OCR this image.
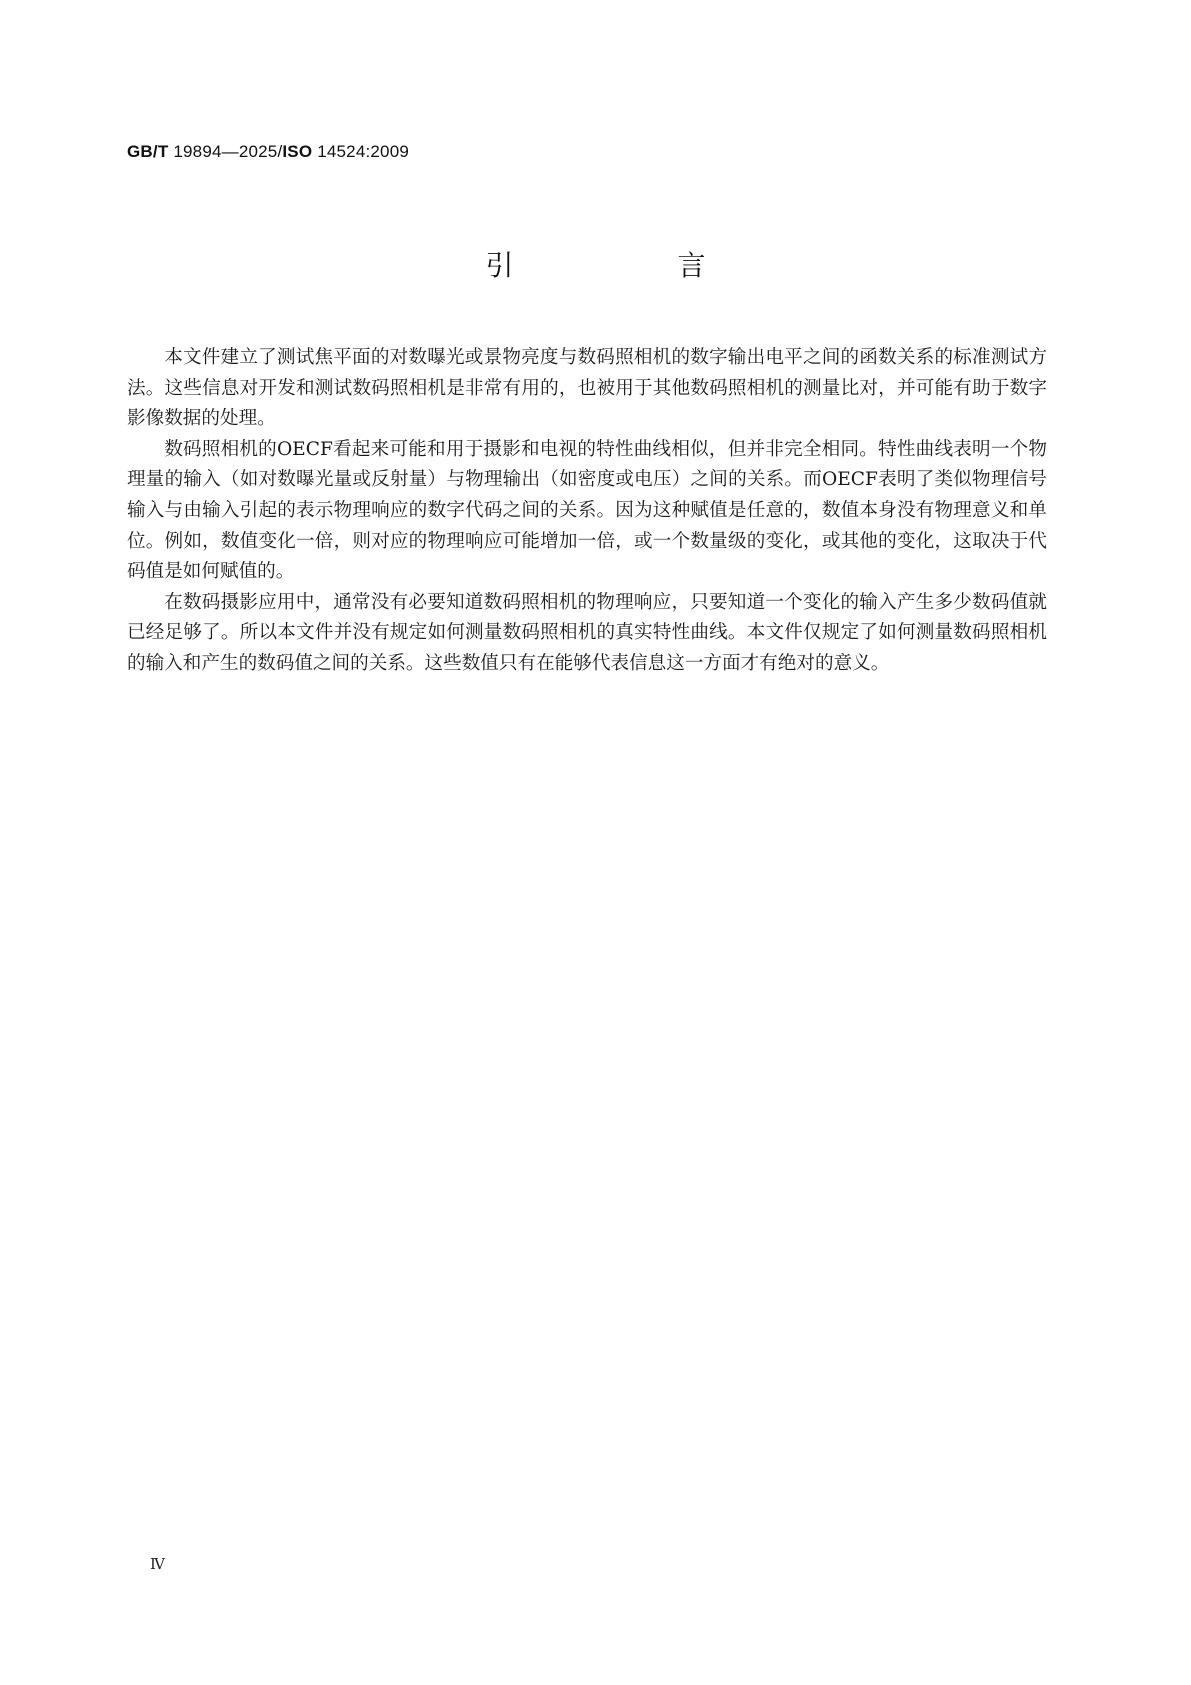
GB/T 19894—2025/ISO 14524:2009
引　言

本文件建立了测试焦平面的对数曝光或景物亮度与数码照相机的数字输出电平之间的函数关系的标准测试方法。这些信息对开发和测试数码照相机是非常有用的，也被用于其他数码照相机的测量比对，并可能有助于数字影像数据的处理。

数码照相机的OECF看起来可能和用于摄影和电视的特性曲线相似，但并非完全相同。特性曲线表明一个物理量的输入（如对数曝光量或反射量）与物理输出（如密度或电压）之间的关系。而OECF表明了类似物理信号输入与由输入引起的表示物理响应的数字代码之间的关系。因为这种赋值是任意的，数值本身没有物理意义和单位。例如，数值变化一倍，则对应的物理响应可能增加一倍，或一个数量级的变化，或其他的变化，这取决于代码值是如何赋值的。

在数码摄影应用中，通常没有必要知道数码照相机的物理响应，只要知道一个变化的输入产生多少数码值就已经足够了。所以本文件并没有规定如何测量数码照相机的真实特性曲线。本文件仅规定了如何测量数码照相机的输入和产生的数码值之间的关系。这些数值只有在能够代表信息这一方面才有绝对的意义。

Ⅳ
